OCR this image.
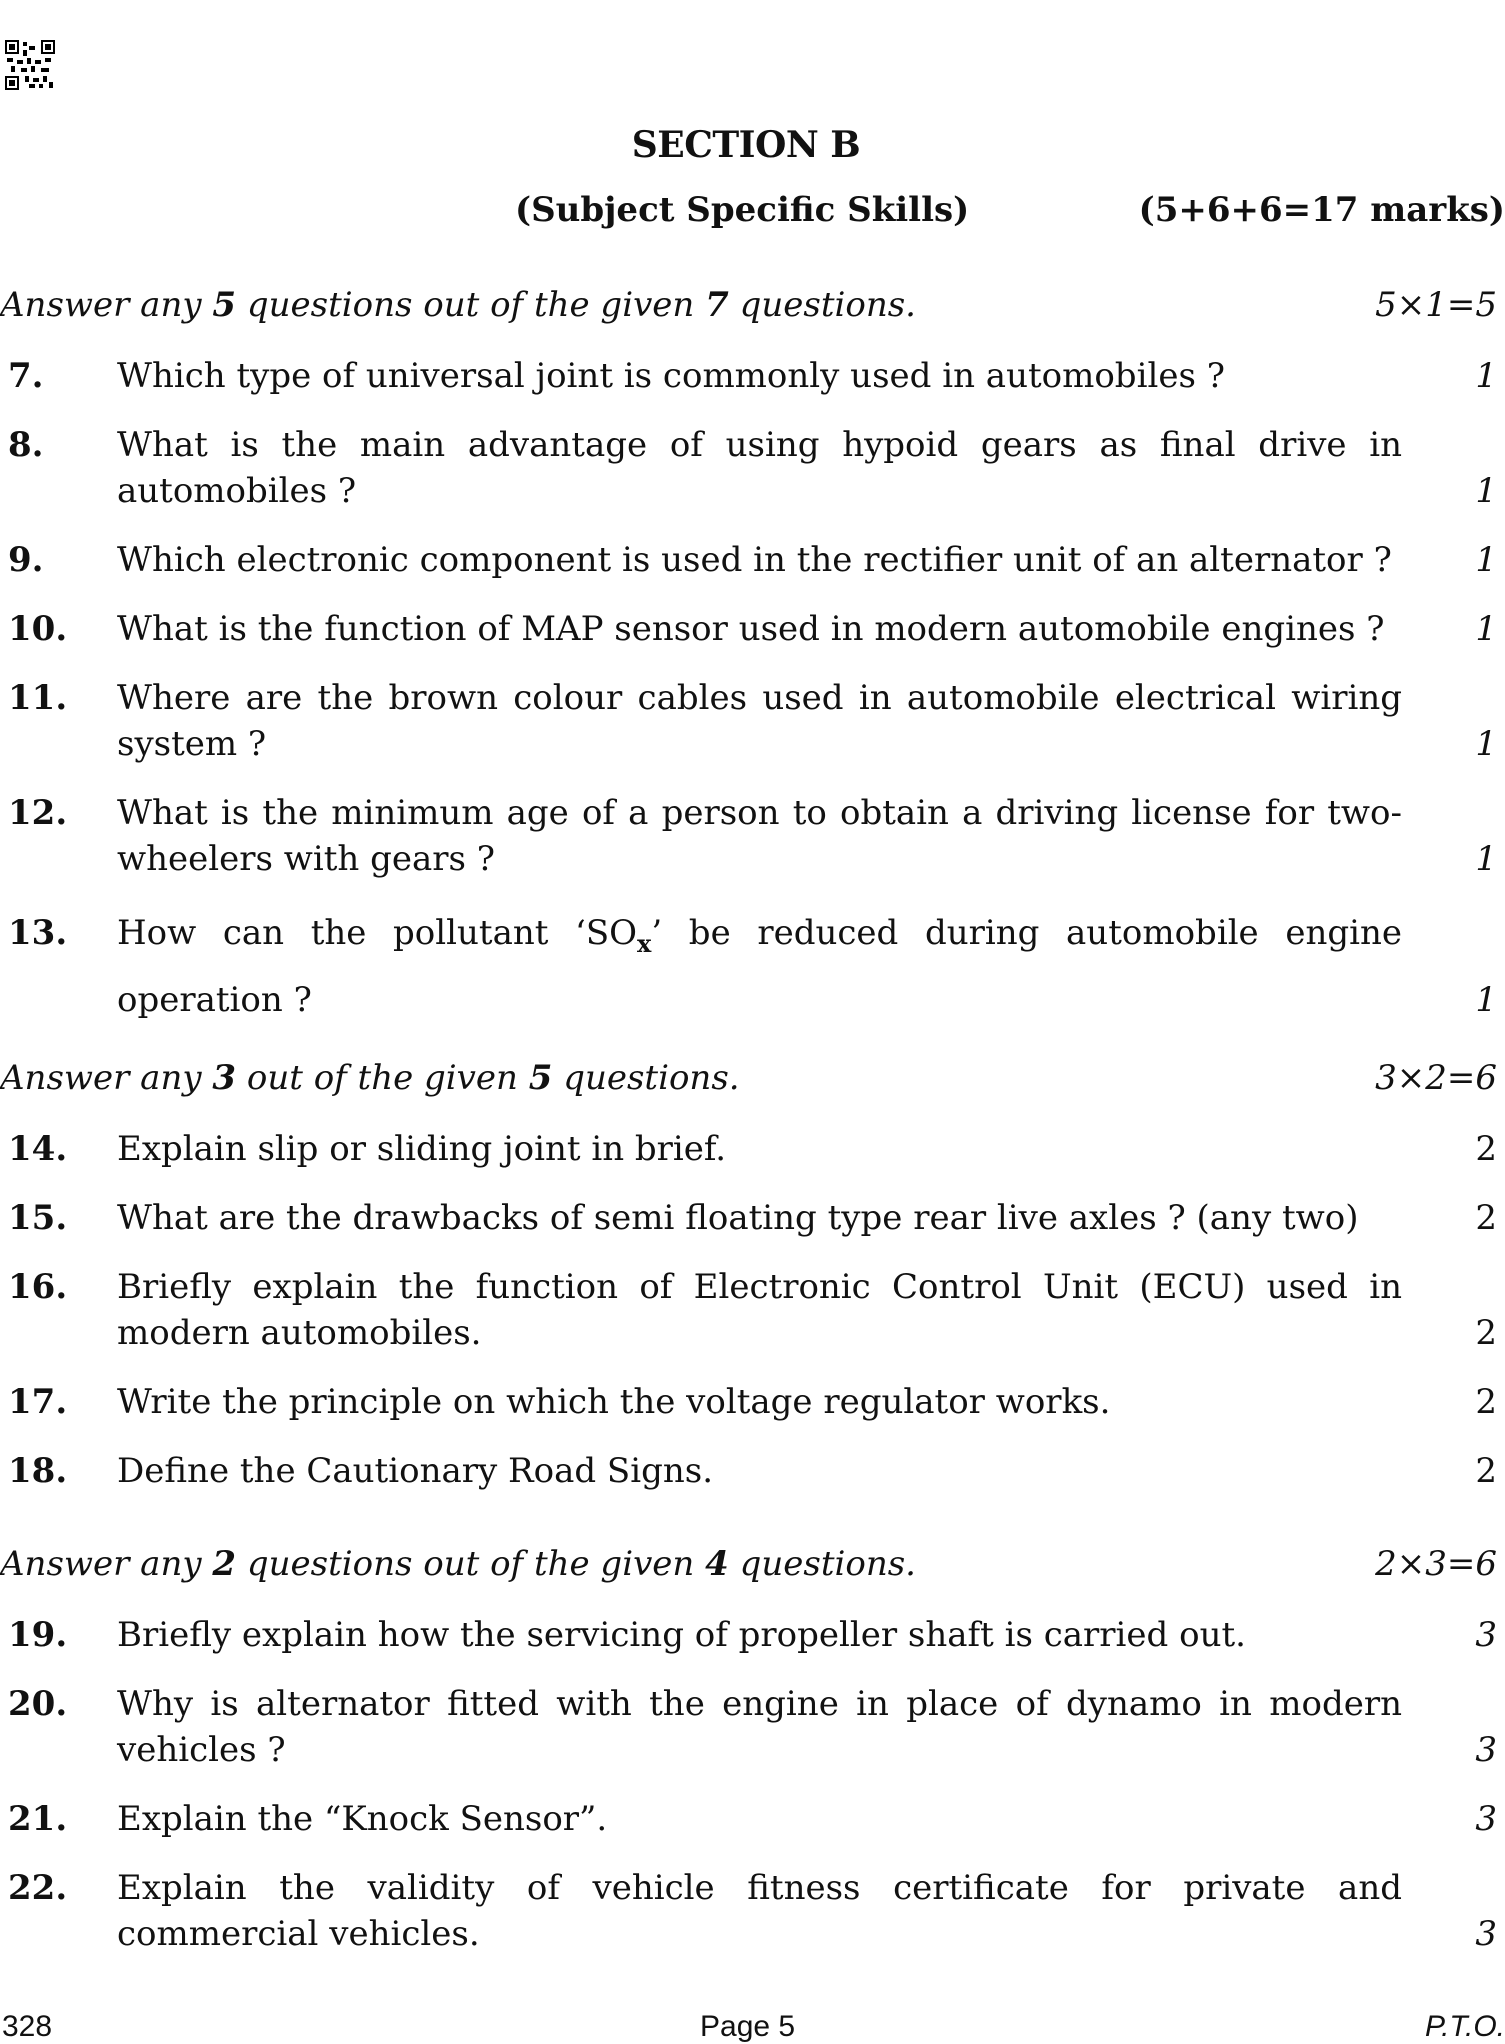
SECTION B
(Subject Specific Skills)	(5+6+6=17 marks)
Answer any 5 questions out of the given 7 questions.	5×1=5
7. Which type of universal joint is commonly used in automobiles ?	1
8. What is the main advantage of using hypoid gears as final drive in automobiles ?	1
9. Which electronic component is used in the rectifier unit of an alternator ? 1
10. What is the function of MAP sensor used in modern automobile engines ?	1
11. Where are the brown colour cables used in automobile electrical wiring system ?	1
12. What is the minimum age of a person to obtain a driving license for two-wheelers with gears ?	1
13. How can the pollutant ‘$SO_x$’ be reduced during automobile engine operation ?	1
Answer any 3 out of the given 5 questions.	3×2=6
14. Explain slip or sliding joint in brief.	2
15. What are the drawbacks of semi floating type rear live axles ? (any two)	2
16. Briefly explain the function of Electronic Control Unit (ECU) used in modern automobiles.	2
17. Write the principle on which the voltage regulator works.	2
18. Define the Cautionary Road Signs.	2
Answer any 2 questions out of the given 4 questions.	2×3=6
19. Briefly explain how the servicing of propeller shaft is carried out.	3
20. Why is alternator fitted with the engine in place of dynamo in modern vehicles ?	3
21. Explain the “Knock Sensor”.	3
22. Explain the validity of vehicle fitness certificate for private and commercial vehicles.	3
328	Page 5	P.T.O.
